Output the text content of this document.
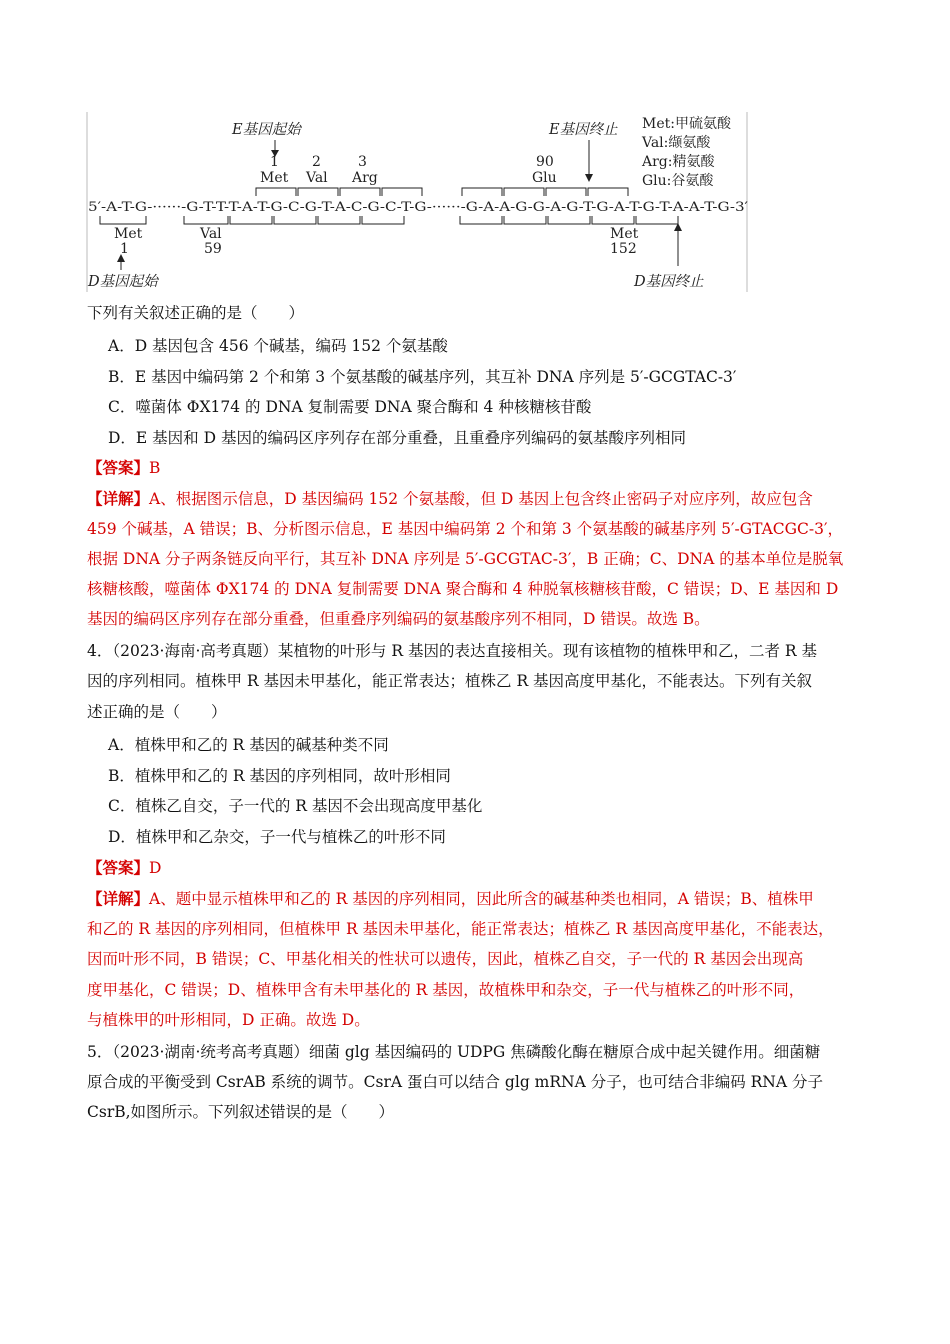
Met:甲硫氨酸
Val:缬氨酸
Arg:精氨酸
Glu:谷氨酸
E基因起始	E基因终止
1 2	3	90
Met Val Arg	Glu
5′-A-T-G-······-G-T-T-T-A-T-G-C-G-T-A-C-G-C-T-G-······-G-A-A-G-G-A-G-T-G-A-T-G-T-A-A-T-G-3′
Met	Val	Met
1	59	152
D基因起始	D基因终止
下列有关叙述正确的是（　　）
A．D 基因包含 456 个碱基，编码 152 个氨基酸
B．E 基因中编码第 2 个和第 3 个氨基酸的碱基序列，其互补 DNA 序列是 5′-GCGTAC-3′
C．噬菌体 ΦX174 的 DNA 复制需要 DNA 聚合酶和 4 种核糖核苷酸
D．E 基因和 D 基因的编码区序列存在部分重叠，且重叠序列编码的氨基酸序列相同
【答案】B
【详解】A、根据图示信息，D 基因编码 152 个氨基酸，但 D 基因上包含终止密码子对应序列，故应包含
459 个碱基，A 错误；B、分析图示信息，E 基因中编码第 2 个和第 3 个氨基酸的碱基序列 5′-GTACGC-3′，
根据 DNA 分子两条链反向平行，其互补 DNA 序列是 5′-GCGTAC-3′，B 正确；C、DNA 的基本单位是脱氧
核糖核酸，噬菌体 ΦX174 的 DNA 复制需要 DNA 聚合酶和 4 种脱氧核糖核苷酸，C 错误；D、E 基因和 D
基因的编码区序列存在部分重叠，但重叠序列编码的氨基酸序列不相同，D 错误。故选 B。
4．（2023·海南·高考真题）某植物的叶形与 R 基因的表达直接相关。现有该植物的植株甲和乙，二者 R 基
因的序列相同。植株甲 R 基因未甲基化，能正常表达；植株乙 R 基因高度甲基化，不能表达。下列有关叙
述正确的是（　　）
A．植株甲和乙的 R 基因的碱基种类不同
B．植株甲和乙的 R 基因的序列相同，故叶形相同
C．植株乙自交，子一代的 R 基因不会出现高度甲基化
D．植株甲和乙杂交，子一代与植株乙的叶形不同
【答案】D
【详解】A、题中显示植株甲和乙的 R 基因的序列相同，因此所含的碱基种类也相同，A 错误；B、植株甲
和乙的 R 基因的序列相同，但植株甲 R 基因未甲基化，能正常表达；植株乙 R 基因高度甲基化，不能表达，
因而叶形不同，B 错误；C、甲基化相关的性状可以遗传，因此，植株乙自交，子一代的 R 基因会出现高
度甲基化，C 错误；D、植株甲含有未甲基化的 R 基因，故植株甲和杂交，子一代与植株乙的叶形不同，
与植株甲的叶形相同，D 正确。故选 D。
5．（2023·湖南·统考高考真题）细菌 glg 基因编码的 UDPG 焦磷酸化酶在糖原合成中起关键作用。细菌糖
原合成的平衡受到 CsrAB 系统的调节。CsrA 蛋白可以结合 glg mRNA 分子，也可结合非编码 RNA 分子
CsrB,如图所示。下列叙述错误的是（　　）
